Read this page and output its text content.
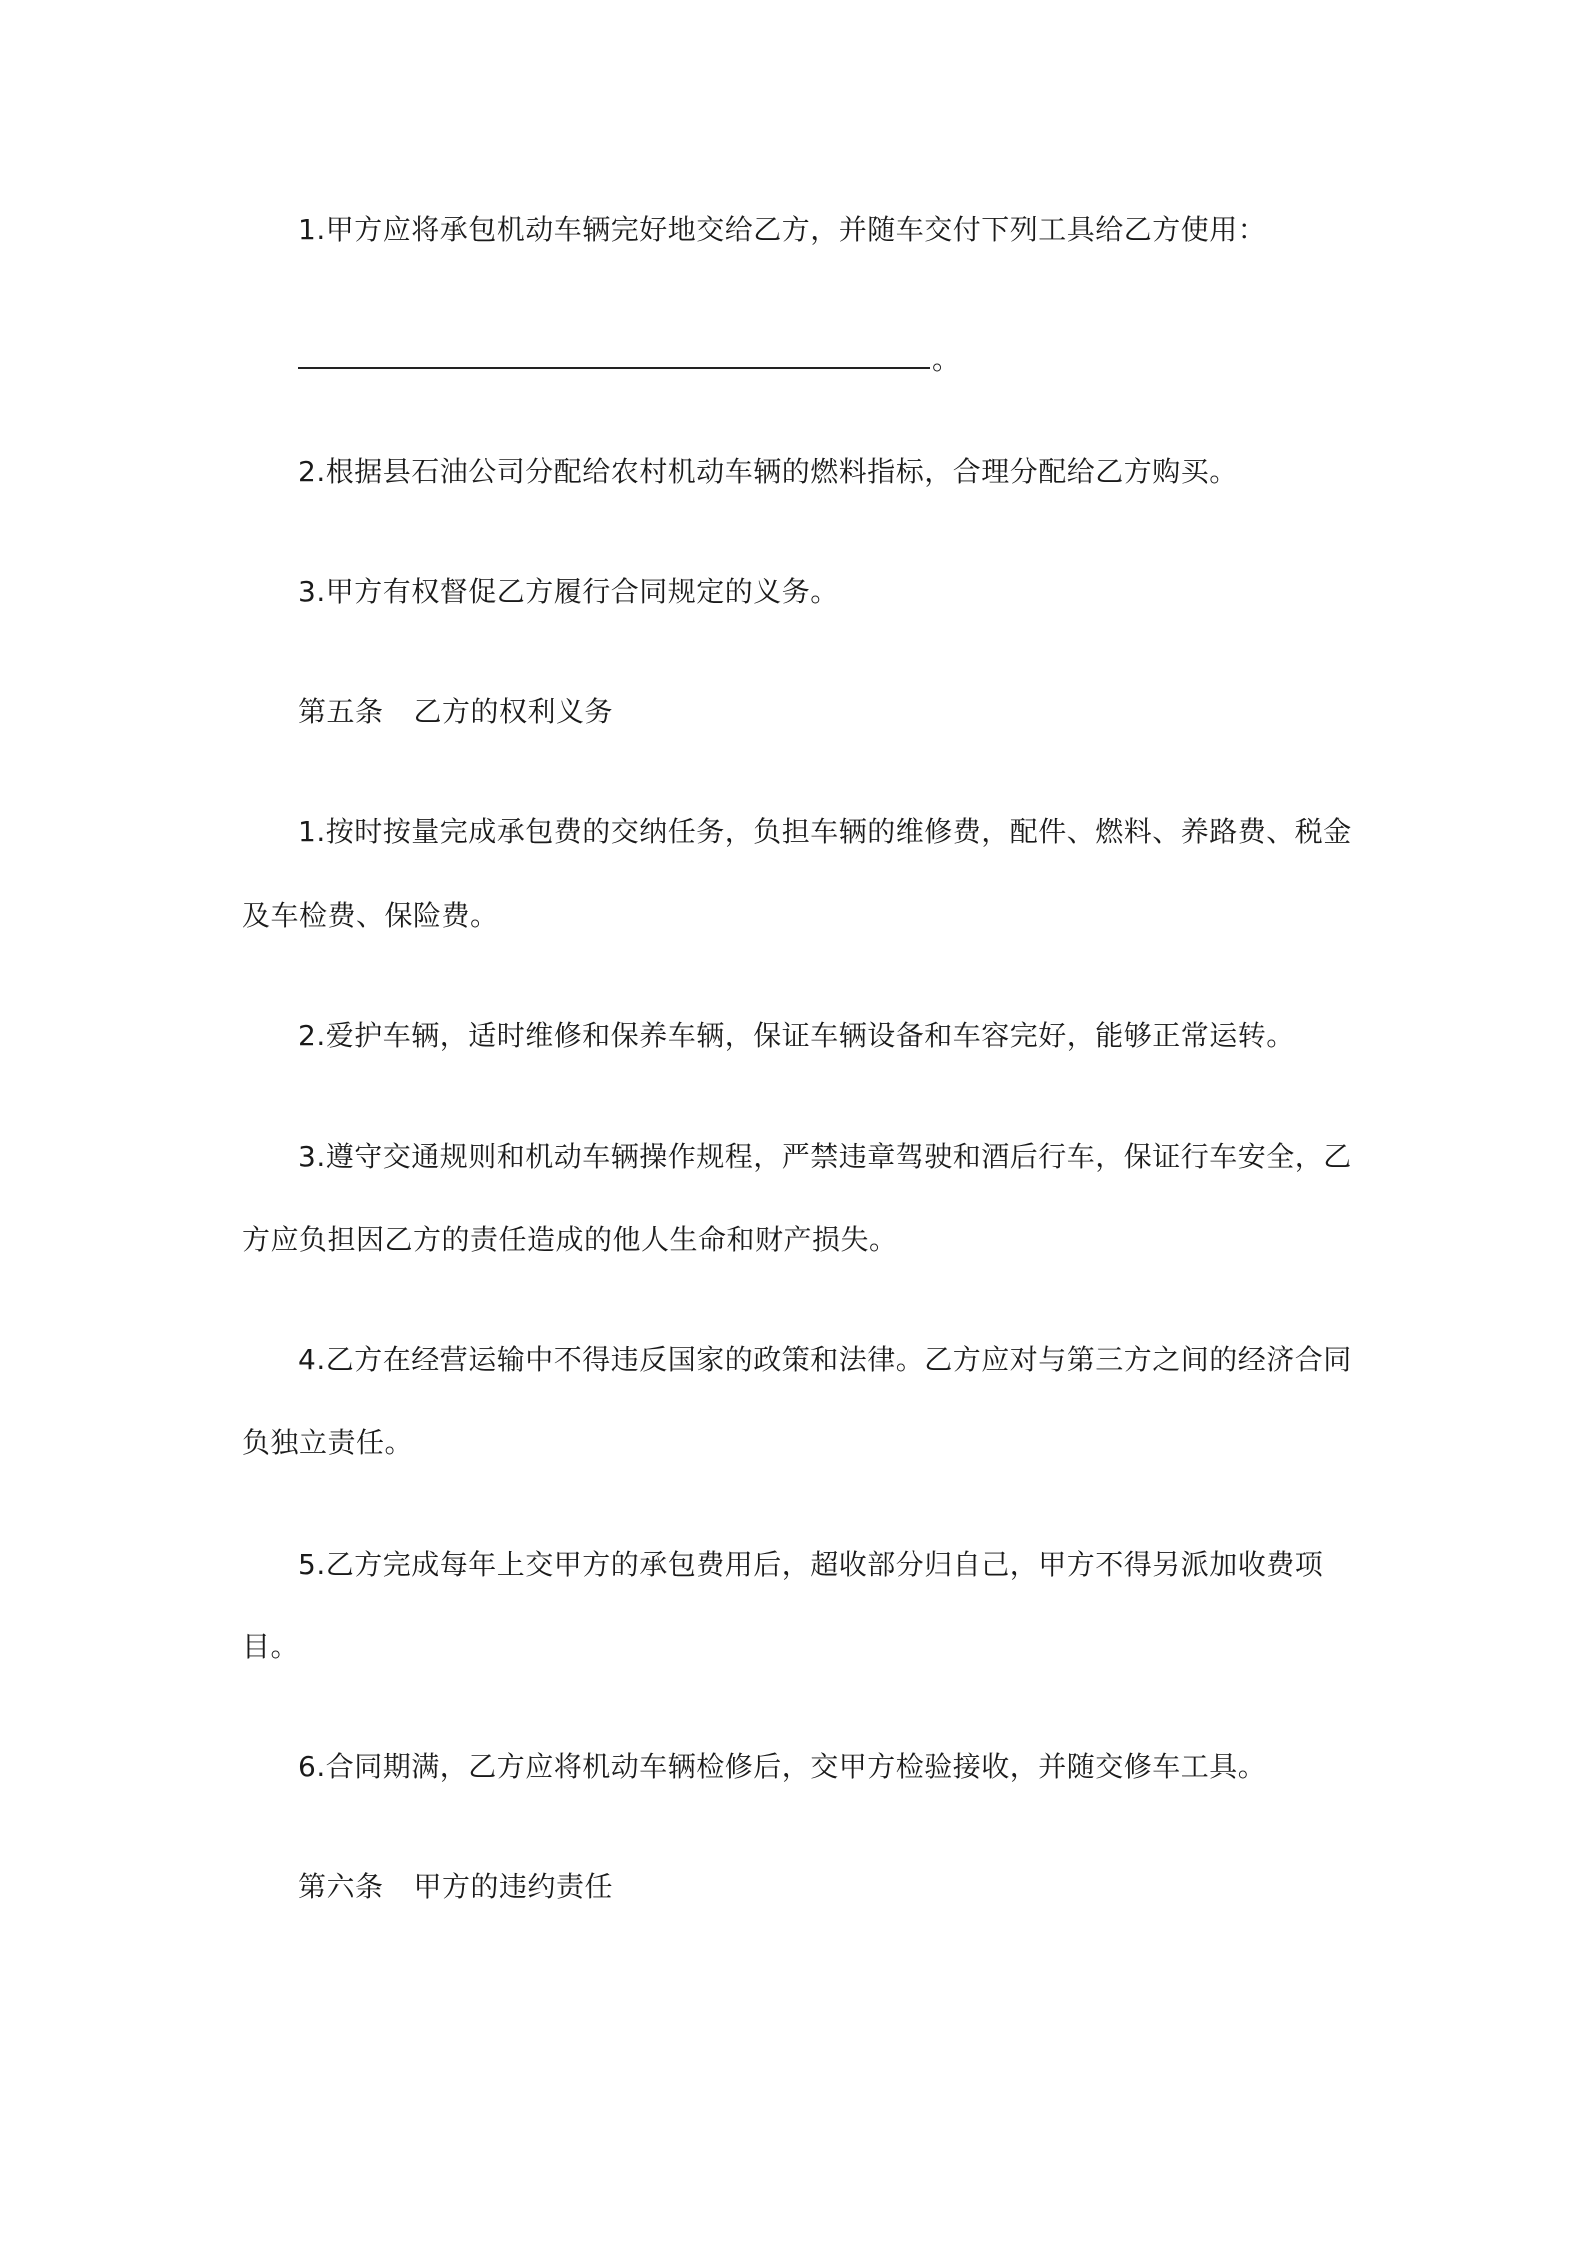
1.甲方应将承包机动车辆完好地交给乙方，并随车交付下列工具给乙方使用：
。
2.根据县石油公司分配给农村机动车辆的燃料指标，合理分配给乙方购买。
3.甲方有权督促乙方履行合同规定的义务。
第五条 乙方的权利义务
1.按时按量完成承包费的交纳任务，负担车辆的维修费，配件、燃料、养路费、税金
及车检费、保险费。
2.爱护车辆，适时维修和保养车辆，保证车辆设备和车容完好，能够正常运转。
3.遵守交通规则和机动车辆操作规程，严禁违章驾驶和酒后行车，保证行车安全，乙
方应负担因乙方的责任造成的他人生命和财产损失。
4.乙方在经营运输中不得违反国家的政策和法律。乙方应对与第三方之间的经济合同
负独立责任。
5.乙方完成每年上交甲方的承包费用后，超收部分归自己，甲方不得另派加收费项
目。
6.合同期满，乙方应将机动车辆检修后，交甲方检验接收，并随交修车工具。
第六条 甲方的违约责任
